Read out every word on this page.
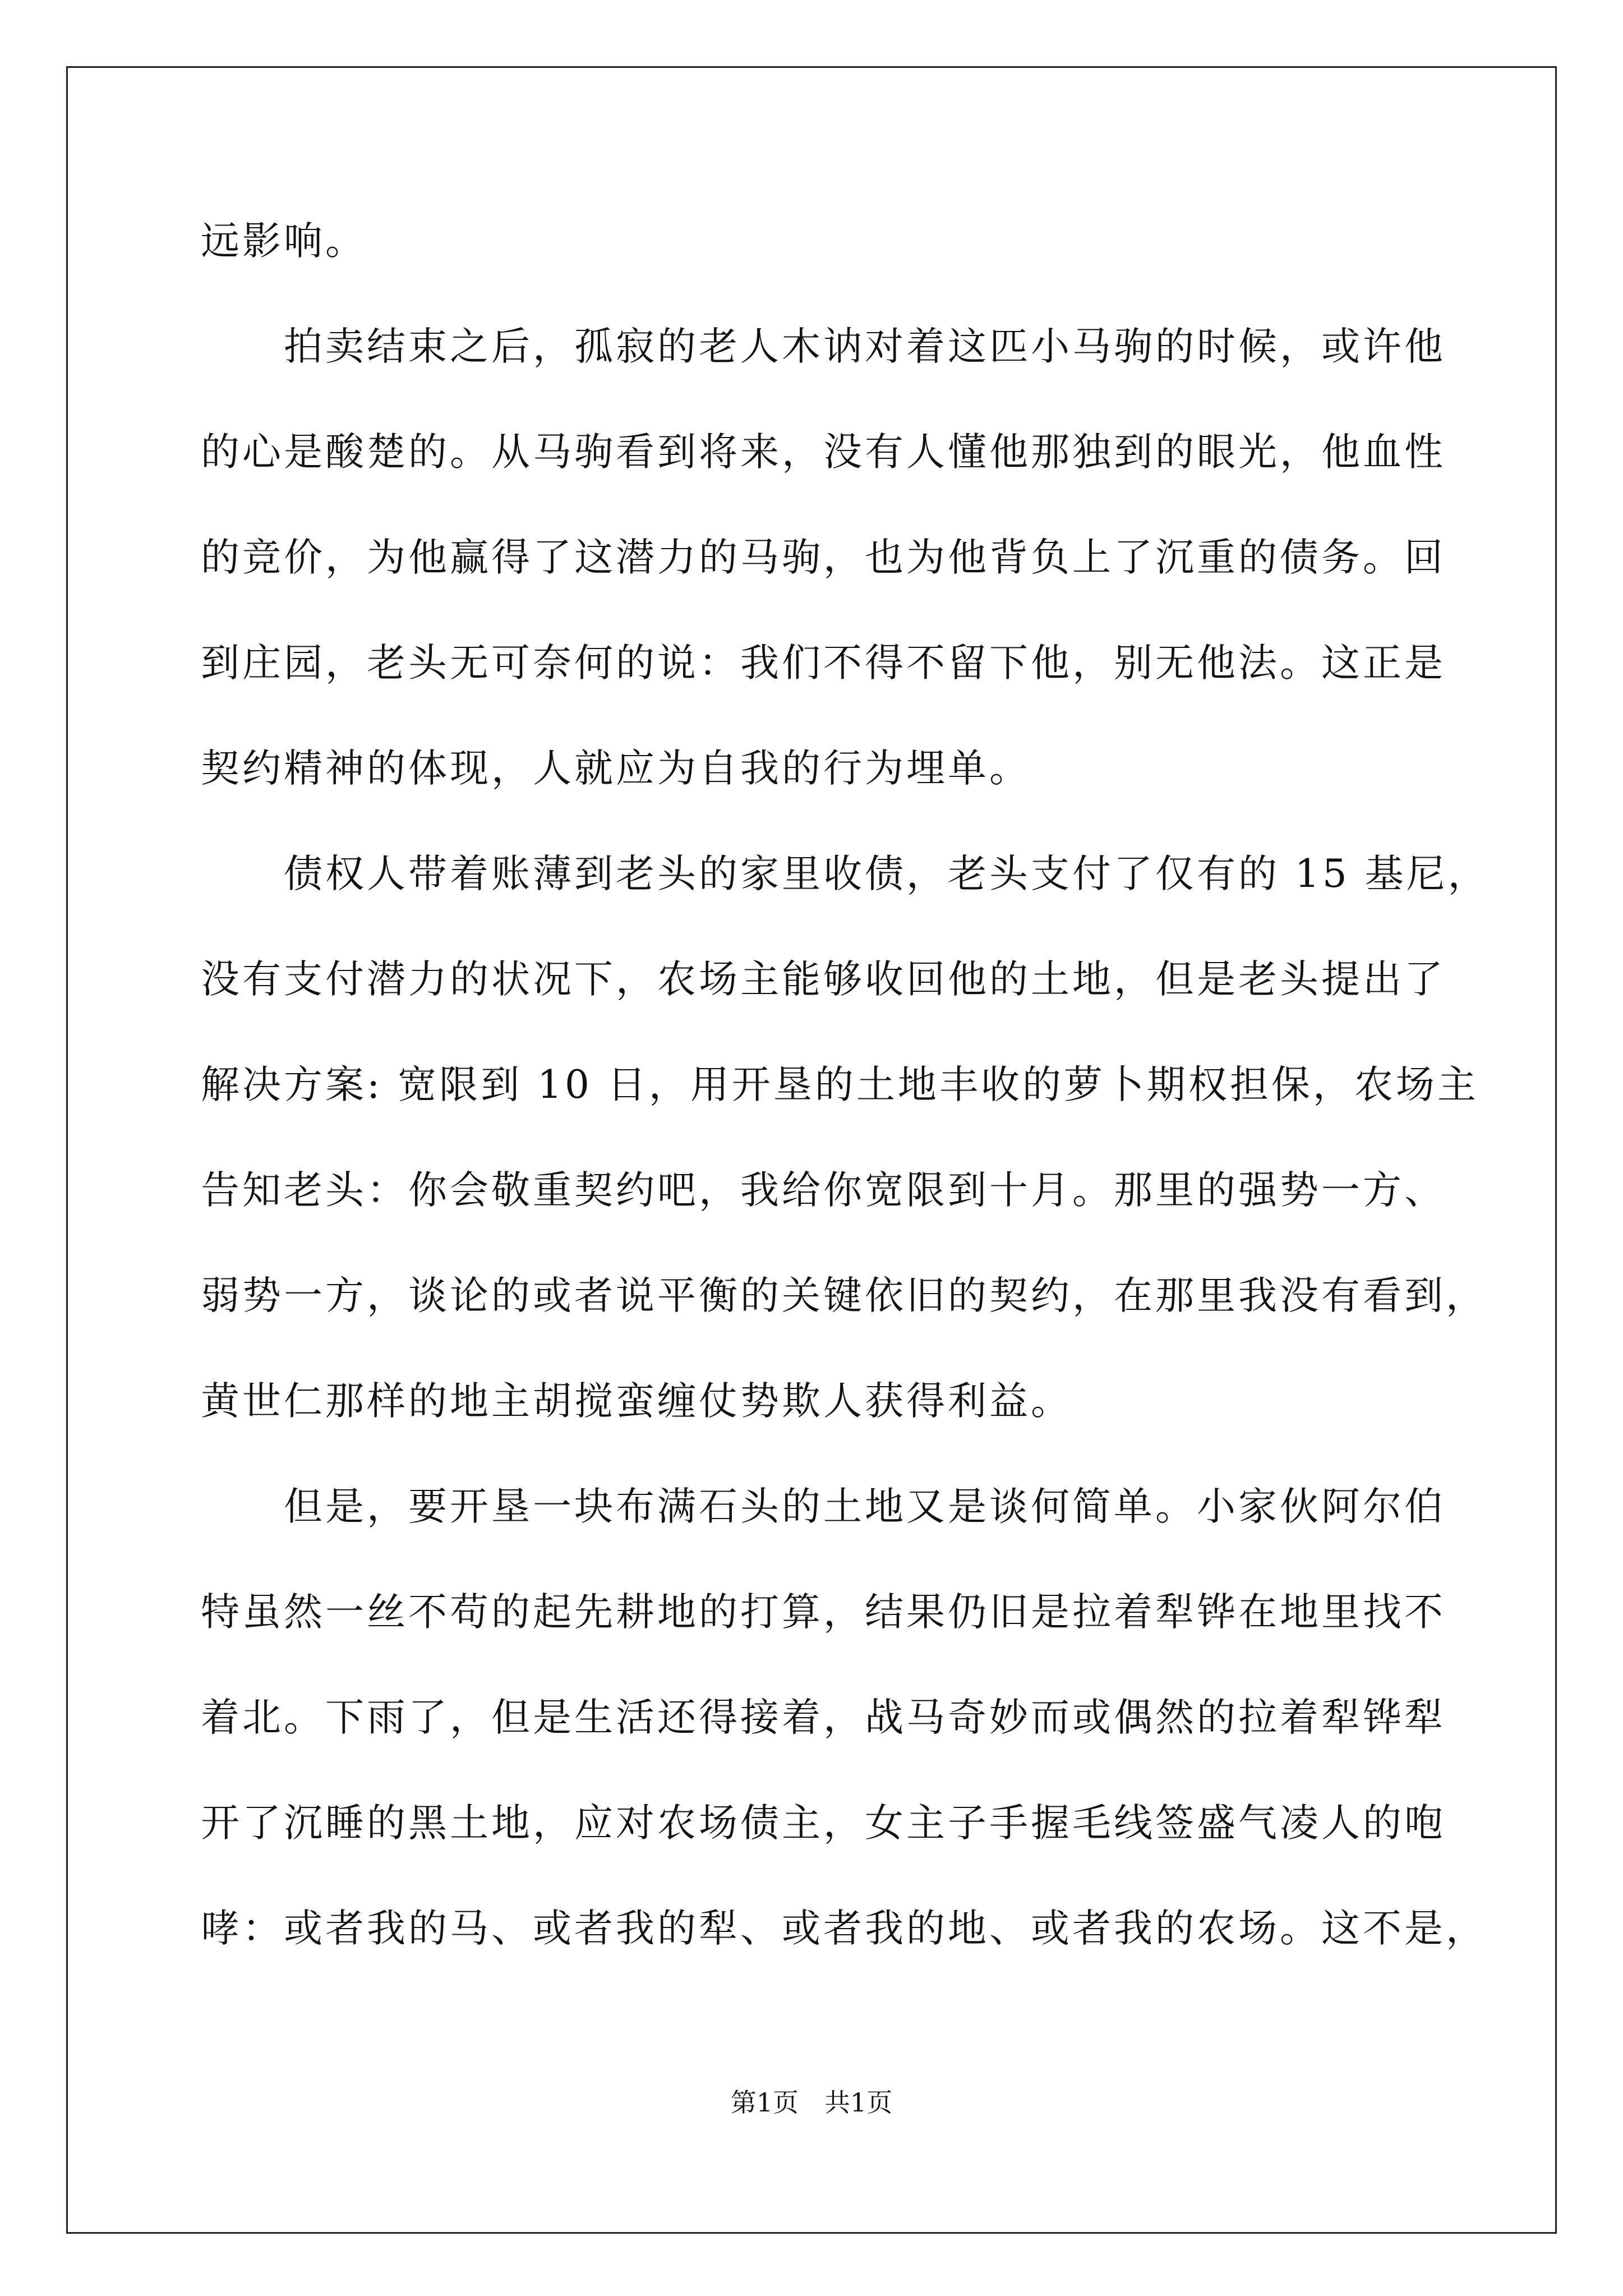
远影响。
　　拍卖结束之后，孤寂的老人木讷对着这匹小马驹的时候，或许他
的心是酸楚的。从马驹看到将来，没有人懂他那独到的眼光，他血性
的竞价，为他赢得了这潜力的马驹，也为他背负上了沉重的债务。回
到庄园，老头无可奈何的说：我们不得不留下他，别无他法。这正是
契约精神的体现，人就应为自我的行为埋单。
　　债权人带着账薄到老头的家里收债，老头支付了仅有的 15 基尼，
没有支付潜力的状况下，农场主能够收回他的土地，但是老头提出了
解决方案: 宽限到 10 日，用开垦的土地丰收的萝卜期权担保，农场主
告知老头：你会敬重契约吧，我给你宽限到十月。那里的强势一方、
弱势一方，谈论的或者说平衡的关键依旧的契约，在那里我没有看到，
黄世仁那样的地主胡搅蛮缠仗势欺人获得利益。
　　但是，要开垦一块布满石头的土地又是谈何简单。小家伙阿尔伯
特虽然一丝不苟的起先耕地的打算，结果仍旧是拉着犁铧在地里找不
着北。下雨了，但是生活还得接着，战马奇妙而或偶然的拉着犁铧犁
开了沉睡的黑土地，应对农场债主，女主子手握毛线签盛气凌人的咆
哮：或者我的马、或者我的犁、或者我的地、或者我的农场。这不是，
第1页　共1页
